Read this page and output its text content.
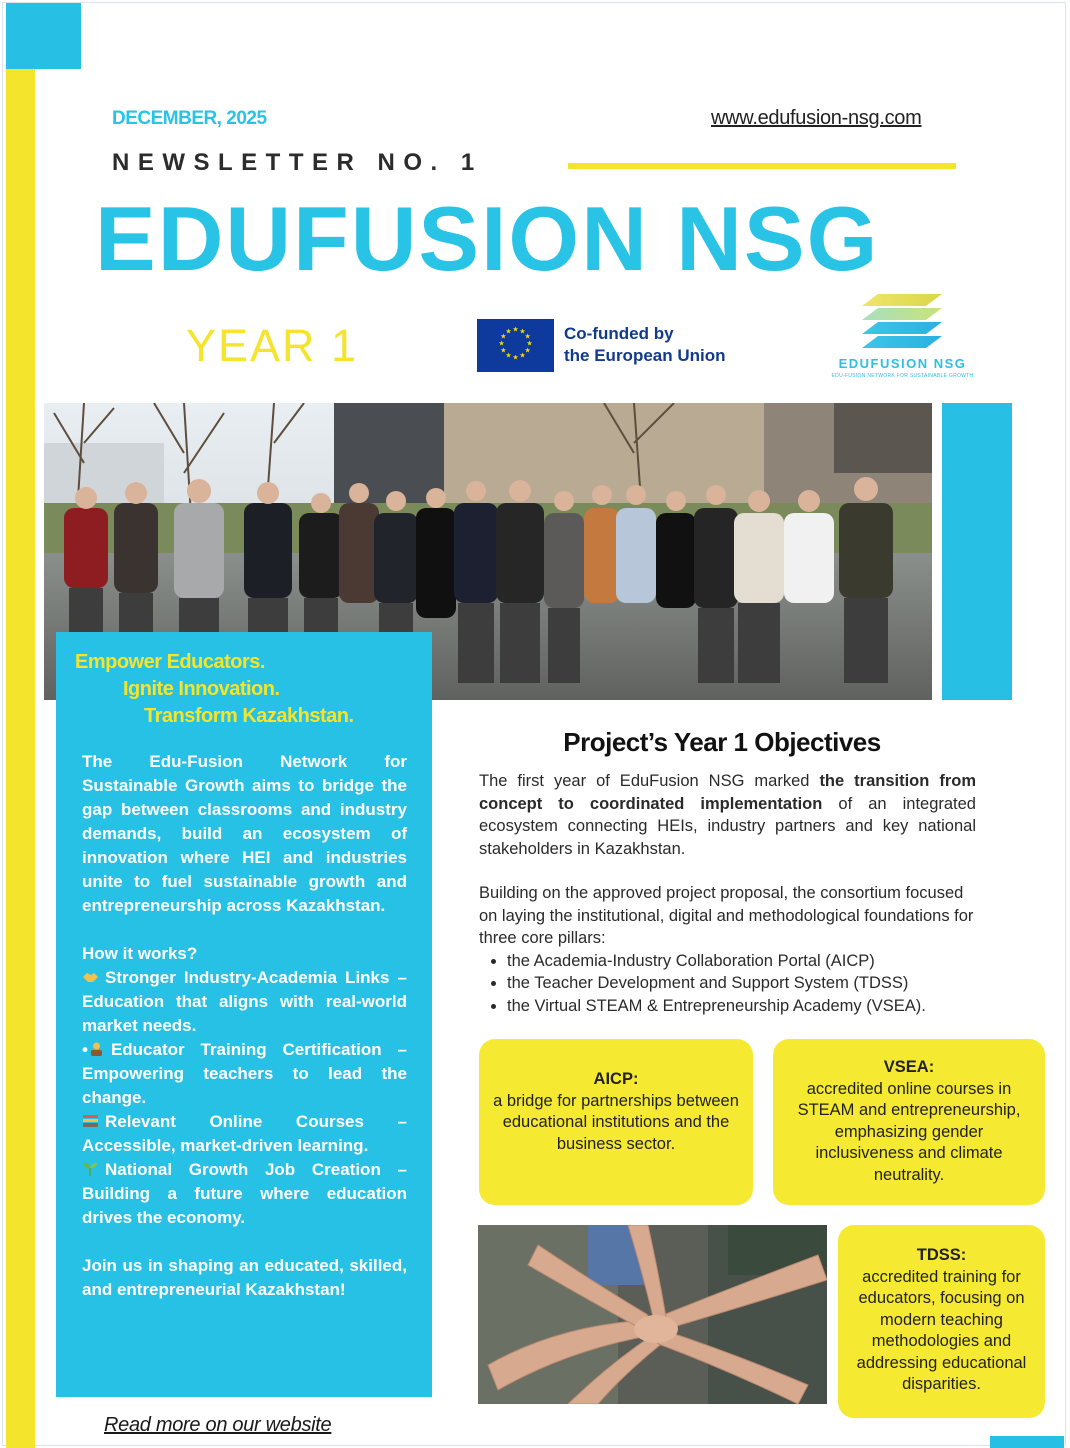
DECEMBER, 2025	www.edufusion-nsg.com
NEWSLETTER NO. 1
EDUFUSION NSG
YEAR 1	★ ★
★
★
★
★
★
★
★
★
★
★	Co-funded by
the European Union	EDUFUSION NSG
EDU-FUSION NETWORK FOR SUSTAINABLE GROWTH
Empower Educators.
Ignite Innovation.
Transform Kazakhstan.

The Edu-Fusion Network for Sustainable Growth aims to bridge the gap between classrooms and industry demands, build an ecosystem of innovation where HEI and industries unite to fuel sustainable growth and entrepreneurship across Kazakhstan.

How it works?

Stronger Industry-Academia Links – Education that aligns with real-world market needs.

• Educator Training Certification – Empowering teachers to lead the change.

Relevant Online Courses – Accessible, market-driven learning.

National Growth Job Creation – Building a future where education drives the economy.

Join us in shaping an educated, skilled, and entrepreneurial Kazakhstan!

Read more on our website
Project’s Year 1 Objectives

The first year of EduFusion NSG marked the transition from concept to coordinated implementation of an integrated ecosystem connecting HEIs, industry partners and key national stakeholders in Kazakhstan.

Building on the approved project proposal, the consortium focused on laying the institutional, digital and methodological foundations for three core pillars:

• the Academia-Industry Collaboration Portal (AICP)
• the Teacher Development and Support System (TDSS)
• the Virtual STEAM & Entrepreneurship Academy (VSEA).
AICP:
a bridge for partnerships between educational institutions and the business sector.
VSEA:
accredited online courses in STEAM and entrepreneurship, emphasizing gender inclusiveness and climate neutrality.
TDSS:
accredited training for educators, focusing on modern teaching methodologies and addressing educational disparities.
